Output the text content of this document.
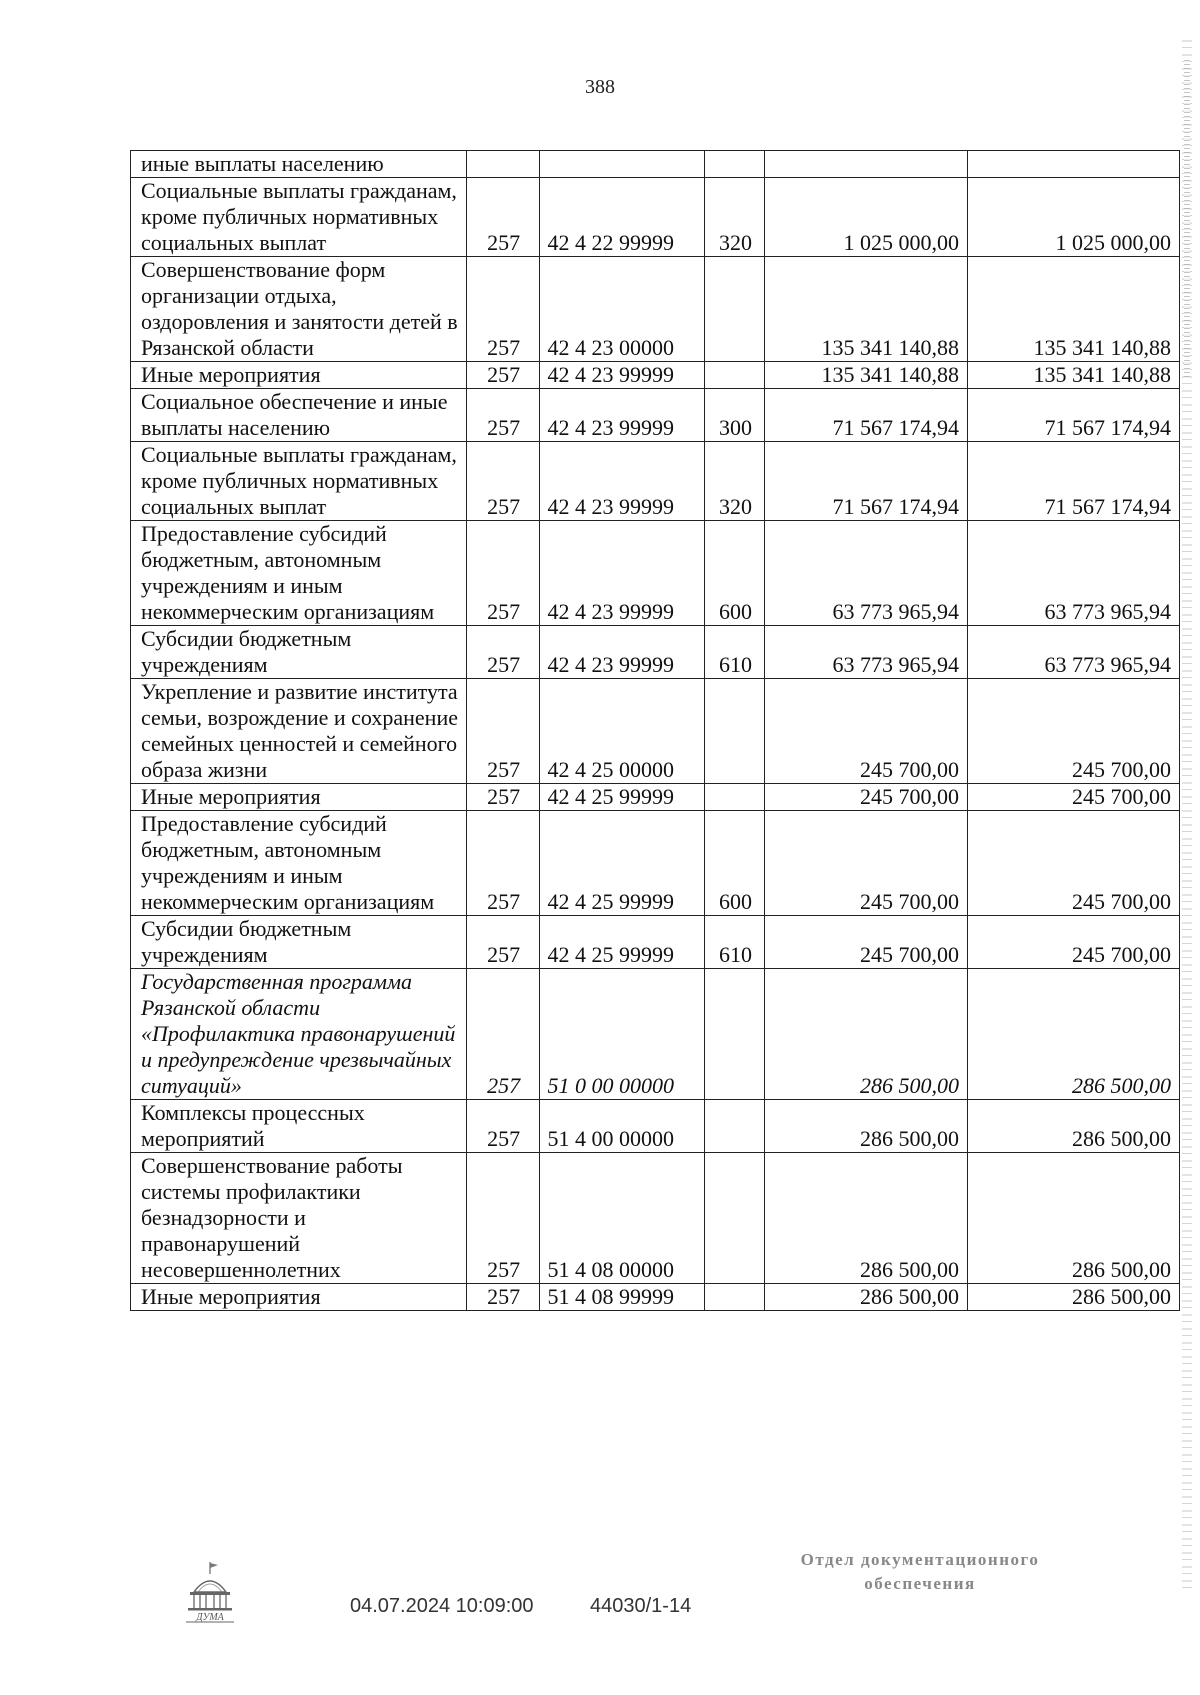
388
иные выплаты населению					
Социальные выплаты гражданам, кроме публичных нормативных социальных выплат	257	42 4 22 99999	320	1 025 000,00	1 025 000,00
Совершенствование форм организации отдыха, оздоровления и занятости детей в Рязанской области	257	42 4 23 00000		135 341 140,88	135 341 140,88
Иные мероприятия	257	42 4 23 99999		135 341 140,88	135 341 140,88
Социальное обеспечение и иные выплаты населению	257	42 4 23 99999	300	71 567 174,94	71 567 174,94
Социальные выплаты гражданам, кроме публичных нормативных социальных выплат	257	42 4 23 99999	320	71 567 174,94	71 567 174,94
Предоставление субсидий бюджетным, автономным учреждениям и иным некоммерческим организациям	257	42 4 23 99999	600	63 773 965,94	63 773 965,94
Субсидии бюджетным учреждениям	257	42 4 23 99999	610	63 773 965,94	63 773 965,94
Укрепление и развитие института семьи, возрождение и сохранение семейных ценностей и семейного образа жизни	257	42 4 25 00000		245 700,00	245 700,00
Иные мероприятия	257	42 4 25 99999		245 700,00	245 700,00
Предоставление субсидий бюджетным, автономным учреждениям и иным некоммерческим организациям	257	42 4 25 99999	600	245 700,00	245 700,00
Субсидии бюджетным учреждениям	257	42 4 25 99999	610	245 700,00	245 700,00
Государственная программа Рязанской области «Профилактика правонарушений и предупреждение чрезвычайных ситуаций»	257	51 0 00 00000		286 500,00	286 500,00
Комплексы процессных мероприятий	257	51 4 00 00000		286 500,00	286 500,00
Совершенствование работы системы профилактики безнадзорности и правонарушений несовершеннолетних	257	51 4 08 00000		286 500,00	286 500,00
Иные мероприятия	257	51 4 08 99999		286 500,00	286 500,00
ДУМА
04.07.2024 10:09:00	44030/1-14
Отдел документационного
обеспечения
